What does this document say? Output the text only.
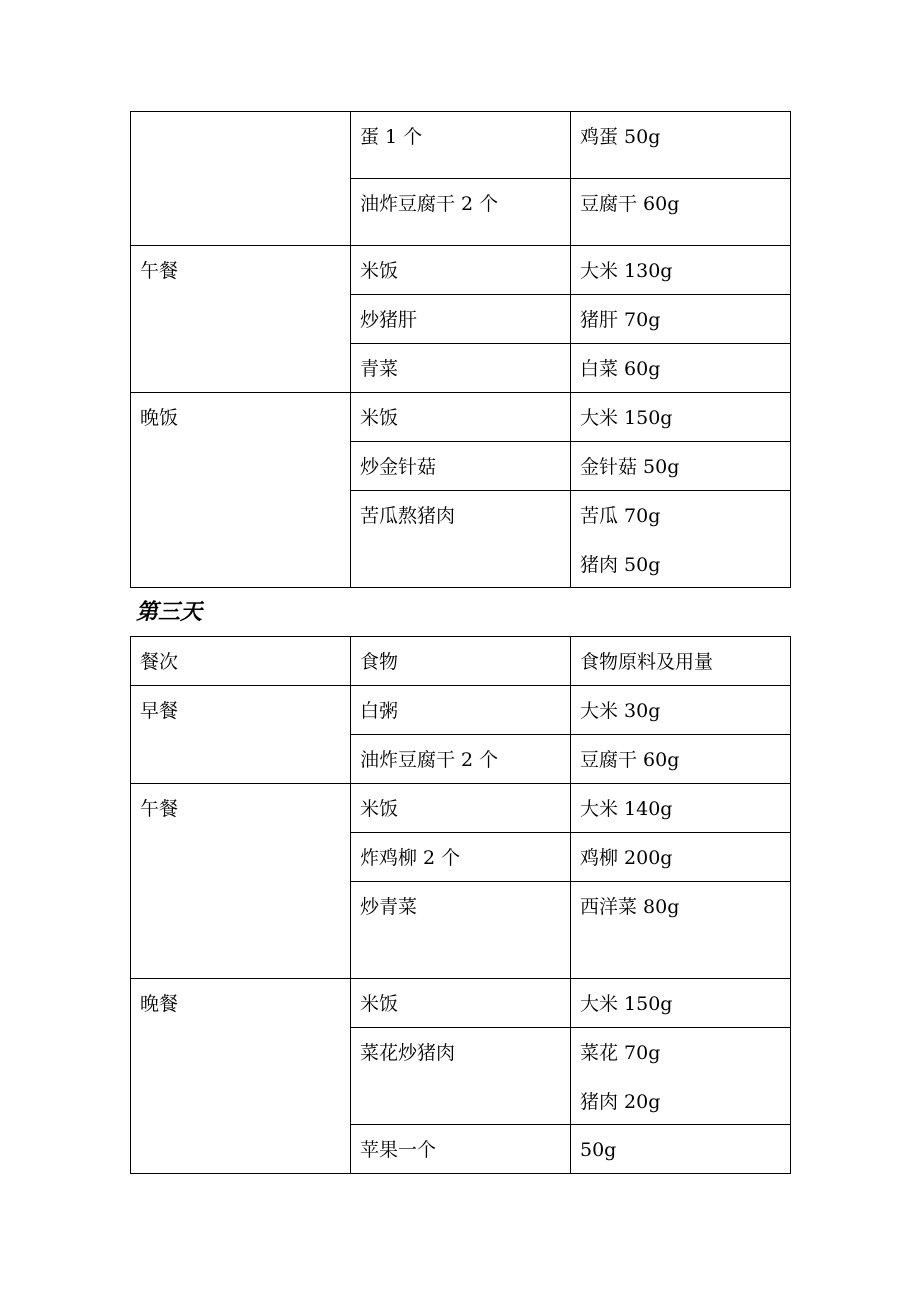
	蛋 1 个	鸡蛋 50g

	油炸豆腐干 2 个	豆腐干 60g

午餐	米饭	大米 130g

	炒猪肝	猪肝 70g

	青菜	白菜 60g

晚饭	米饭	大米 150g

	炒金针菇	金针菇 50g

	苦瓜熬猪肉	苦瓜 70g
猪肉 50g
第三天
餐次	食物	食物原料及用量

早餐	白粥	大米 30g

	油炸豆腐干 2 个	豆腐干 60g

午餐	米饭	大米 140g

	炸鸡柳 2 个	鸡柳 200g

	炒青菜	西洋菜 80g

晚餐	米饭	大米 150g

	菜花炒猪肉	菜花 70g
猪肉 20g

	苹果一个	50g
